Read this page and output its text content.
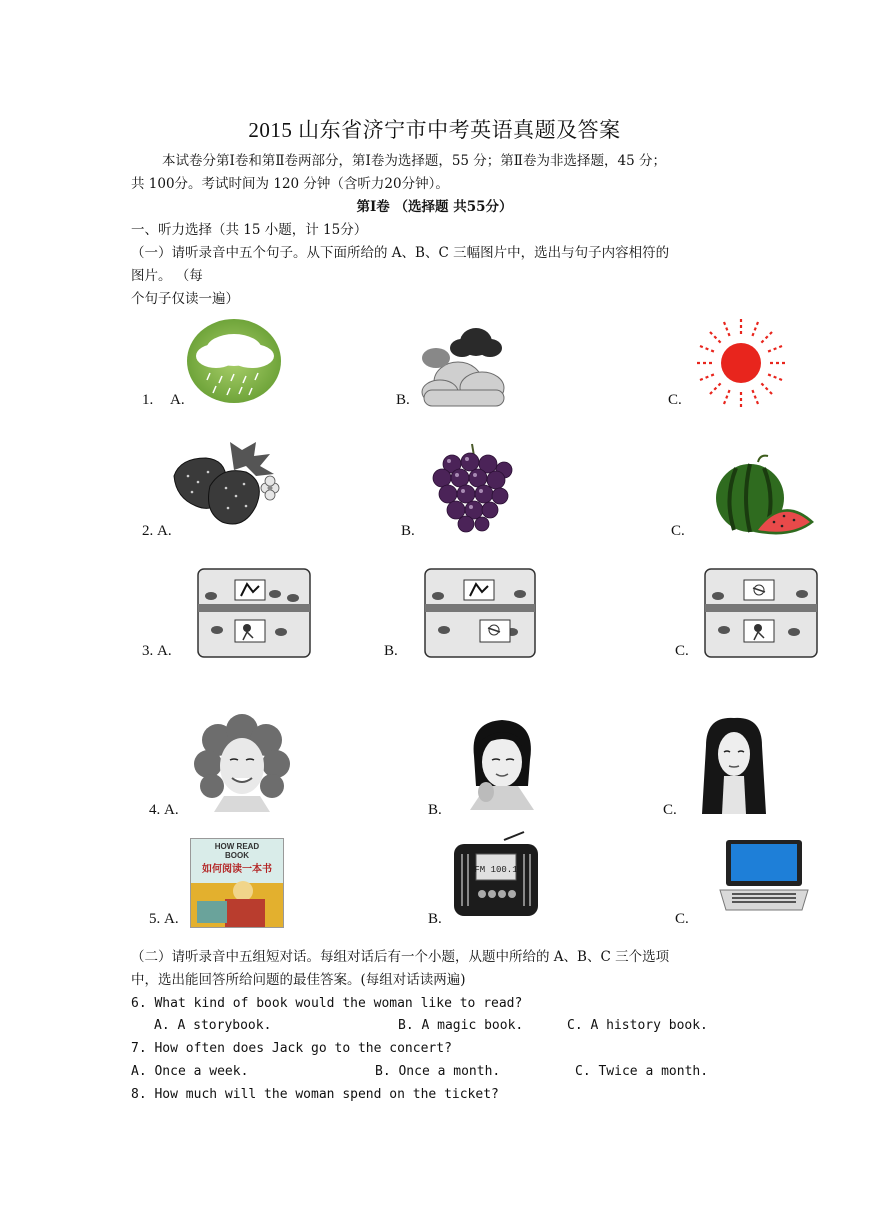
2015 山东省济宁市中考英语真题及答案
本试卷分第Ⅰ卷和第Ⅱ卷两部分，第Ⅰ卷为选择题，55 分；第Ⅱ卷为非选择题，45 分；
共 100分。考试时间为 120 分钟（含听力20分钟）。
第Ⅰ卷 （选择题 共55分）
一、听力选择（共 15 小题，计 15分）
（一）请听录音中五个句子。从下面所给的 A、B、C 三幅图片中，选出与句子内容相符的
图片。 （每
个句子仅读一遍）
1. A.	B.	C.
2. A.	B.	C.
3. A.	B.	C.
4. A.	B.	C.
5. A.	B.	C.
HOW READ
BOOK
如何阅读一本书	FM 100.1
（二）请听录音中五组短对话。每组对话后有一个小题，从题中所给的 A、B、C 三个选项
中，选出能回答所给问题的最佳答案。(每组对话读两遍)
6. What kind of book would the woman like to read?
A. A storybook.	B. A magic book.	C. A history book.
7. How often does Jack go to the concert?
A. Once a week.	B. Once a month.	C. Twice a month.
8. How much will the woman spend on the ticket?
